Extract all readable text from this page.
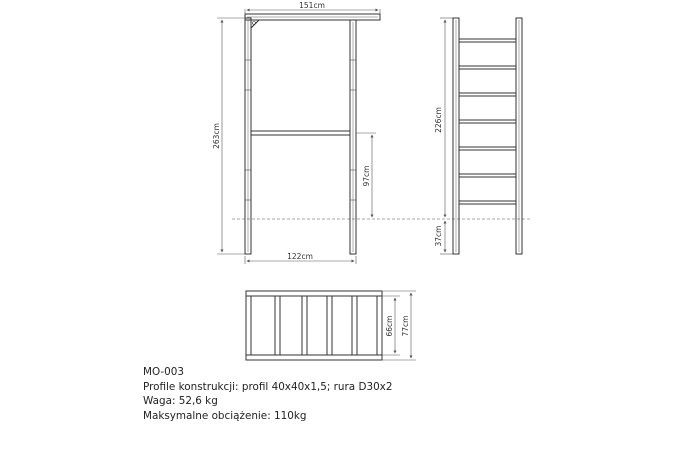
151cm
263cm
97cm
122cm
226cm
37cm
66cm 77cm
MO-003
Profile konstrukcji: profil 40x40x1,5; rura D30x2
Waga: 52,6 kg
Maksymalne obciążenie: 110kg
